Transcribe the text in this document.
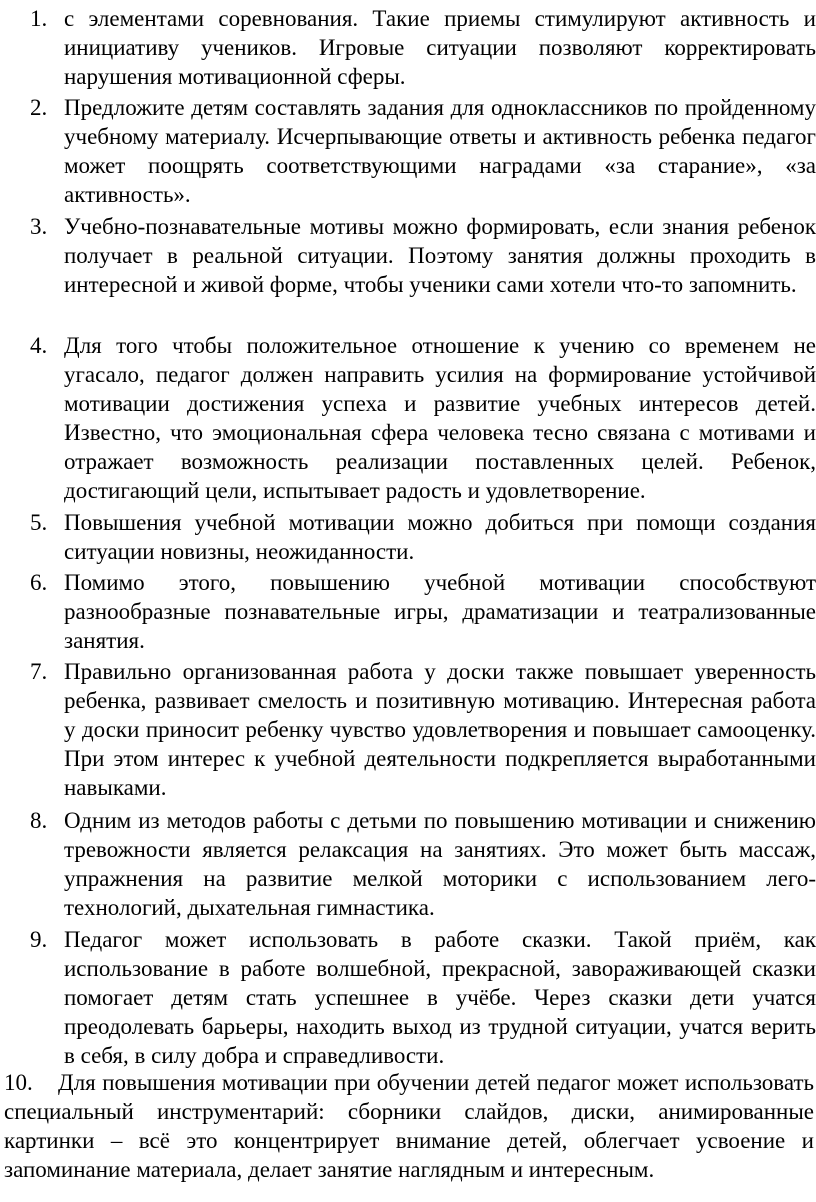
1. с элементами соревнования. Такие приемы стимулируют активность и инициативу учеников. Игровые ситуации позволяют корректировать нарушения мотивационной сферы.
2. Предложите детям составлять задания для одноклассников по пройденному учебному материалу. Исчерпывающие ответы и активность ребенка педагог может поощрять соответствующими наградами «за старание», «за активность».
3. Учебно-познавательные мотивы можно формировать, если знания ребенок получает в реальной ситуации. Поэтому занятия должны проходить в интересной и живой форме, чтобы ученики сами хотели что-то запомнить.
4. Для того чтобы положительное отношение к учению со временем не угасало, педагог должен направить усилия на формирование устойчивой мотивации достижения успеха и развитие учебных интересов детей. Известно, что эмоциональная сфера человека тесно связана с мотивами и отражает возможность реализации поставленных целей. Ребенок, достигающий цели, испытывает радость и удовлетворение.
5. Повышения учебной мотивации можно добиться при помощи создания ситуации новизны, неожиданности.
6. Помимо этого, повышению учебной мотивации способствуют разнообразные познавательные игры, драматизации и театрализованные занятия.
7. Правильно организованная работа у доски также повышает уверенность ребенка, развивает смелость и позитивную мотивацию. Интересная работа у доски приносит ребенку чувство удовлетворения и повышает самооценку. При этом интерес к учебной деятельности подкрепляется выработанными навыками.
8. Одним из методов работы с детьми по повышению мотивации и снижению тревожности является релаксация на занятиях. Это может быть массаж, упражнения на развитие мелкой моторики с использованием лего-технологий, дыхательная гимнастика.
9. Педагог может использовать в работе сказки. Такой приём, как использование в работе волшебной, прекрасной, завораживающей сказки помогает детям стать успешнее в учёбе. Через сказки дети учатся преодолевать барьеры, находить выход из трудной ситуации, учатся верить в себя, в силу добра и справедливости.
10. Для повышения мотивации при обучении детей педагог может использовать специальный инструментарий: сборники слайдов, диски, анимированные картинки – всё это концентрирует внимание детей, облегчает усвоение и запоминание материала, делает занятие наглядным и интересным.
